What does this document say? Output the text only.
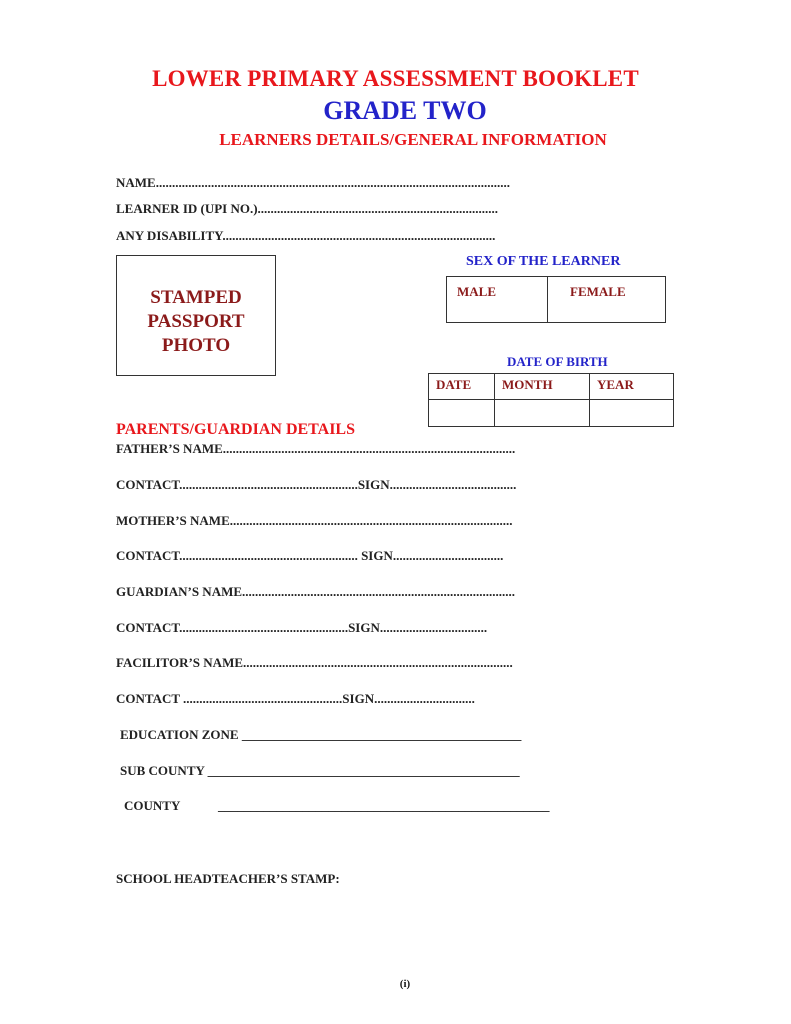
LOWER PRIMARY ASSESSMENT BOOKLET
GRADE TWO
LEARNERS DETAILS/GENERAL INFORMATION
NAME.............................................................................................................
LEARNER ID (UPI NO.)..........................................................................
ANY DISABILITY....................................................................................
STAMPED
PASSPORT
PHOTO
SEX OF THE LEARNER
MALE	FEMALE
DATE OF BIRTH
DATE MONTH	YEAR
PARENTS/GUARDIAN DETAILS
FATHER’S NAME..........................................................................................
CONTACT.......................................................SIGN.......................................
MOTHER’S NAME.......................................................................................
CONTACT....................................................... SIGN..................................
GUARDIAN’S NAME....................................................................................
CONTACT....................................................SIGN.................................
FACILITOR’S NAME...................................................................................
CONTACT .................................................SIGN...............................
EDUCATION ZONE ___________________________________________
SUB COUNTY ________________________________________________
COUNTY	___________________________________________________
SCHOOL HEADTEACHER’S STAMP:
(i)
